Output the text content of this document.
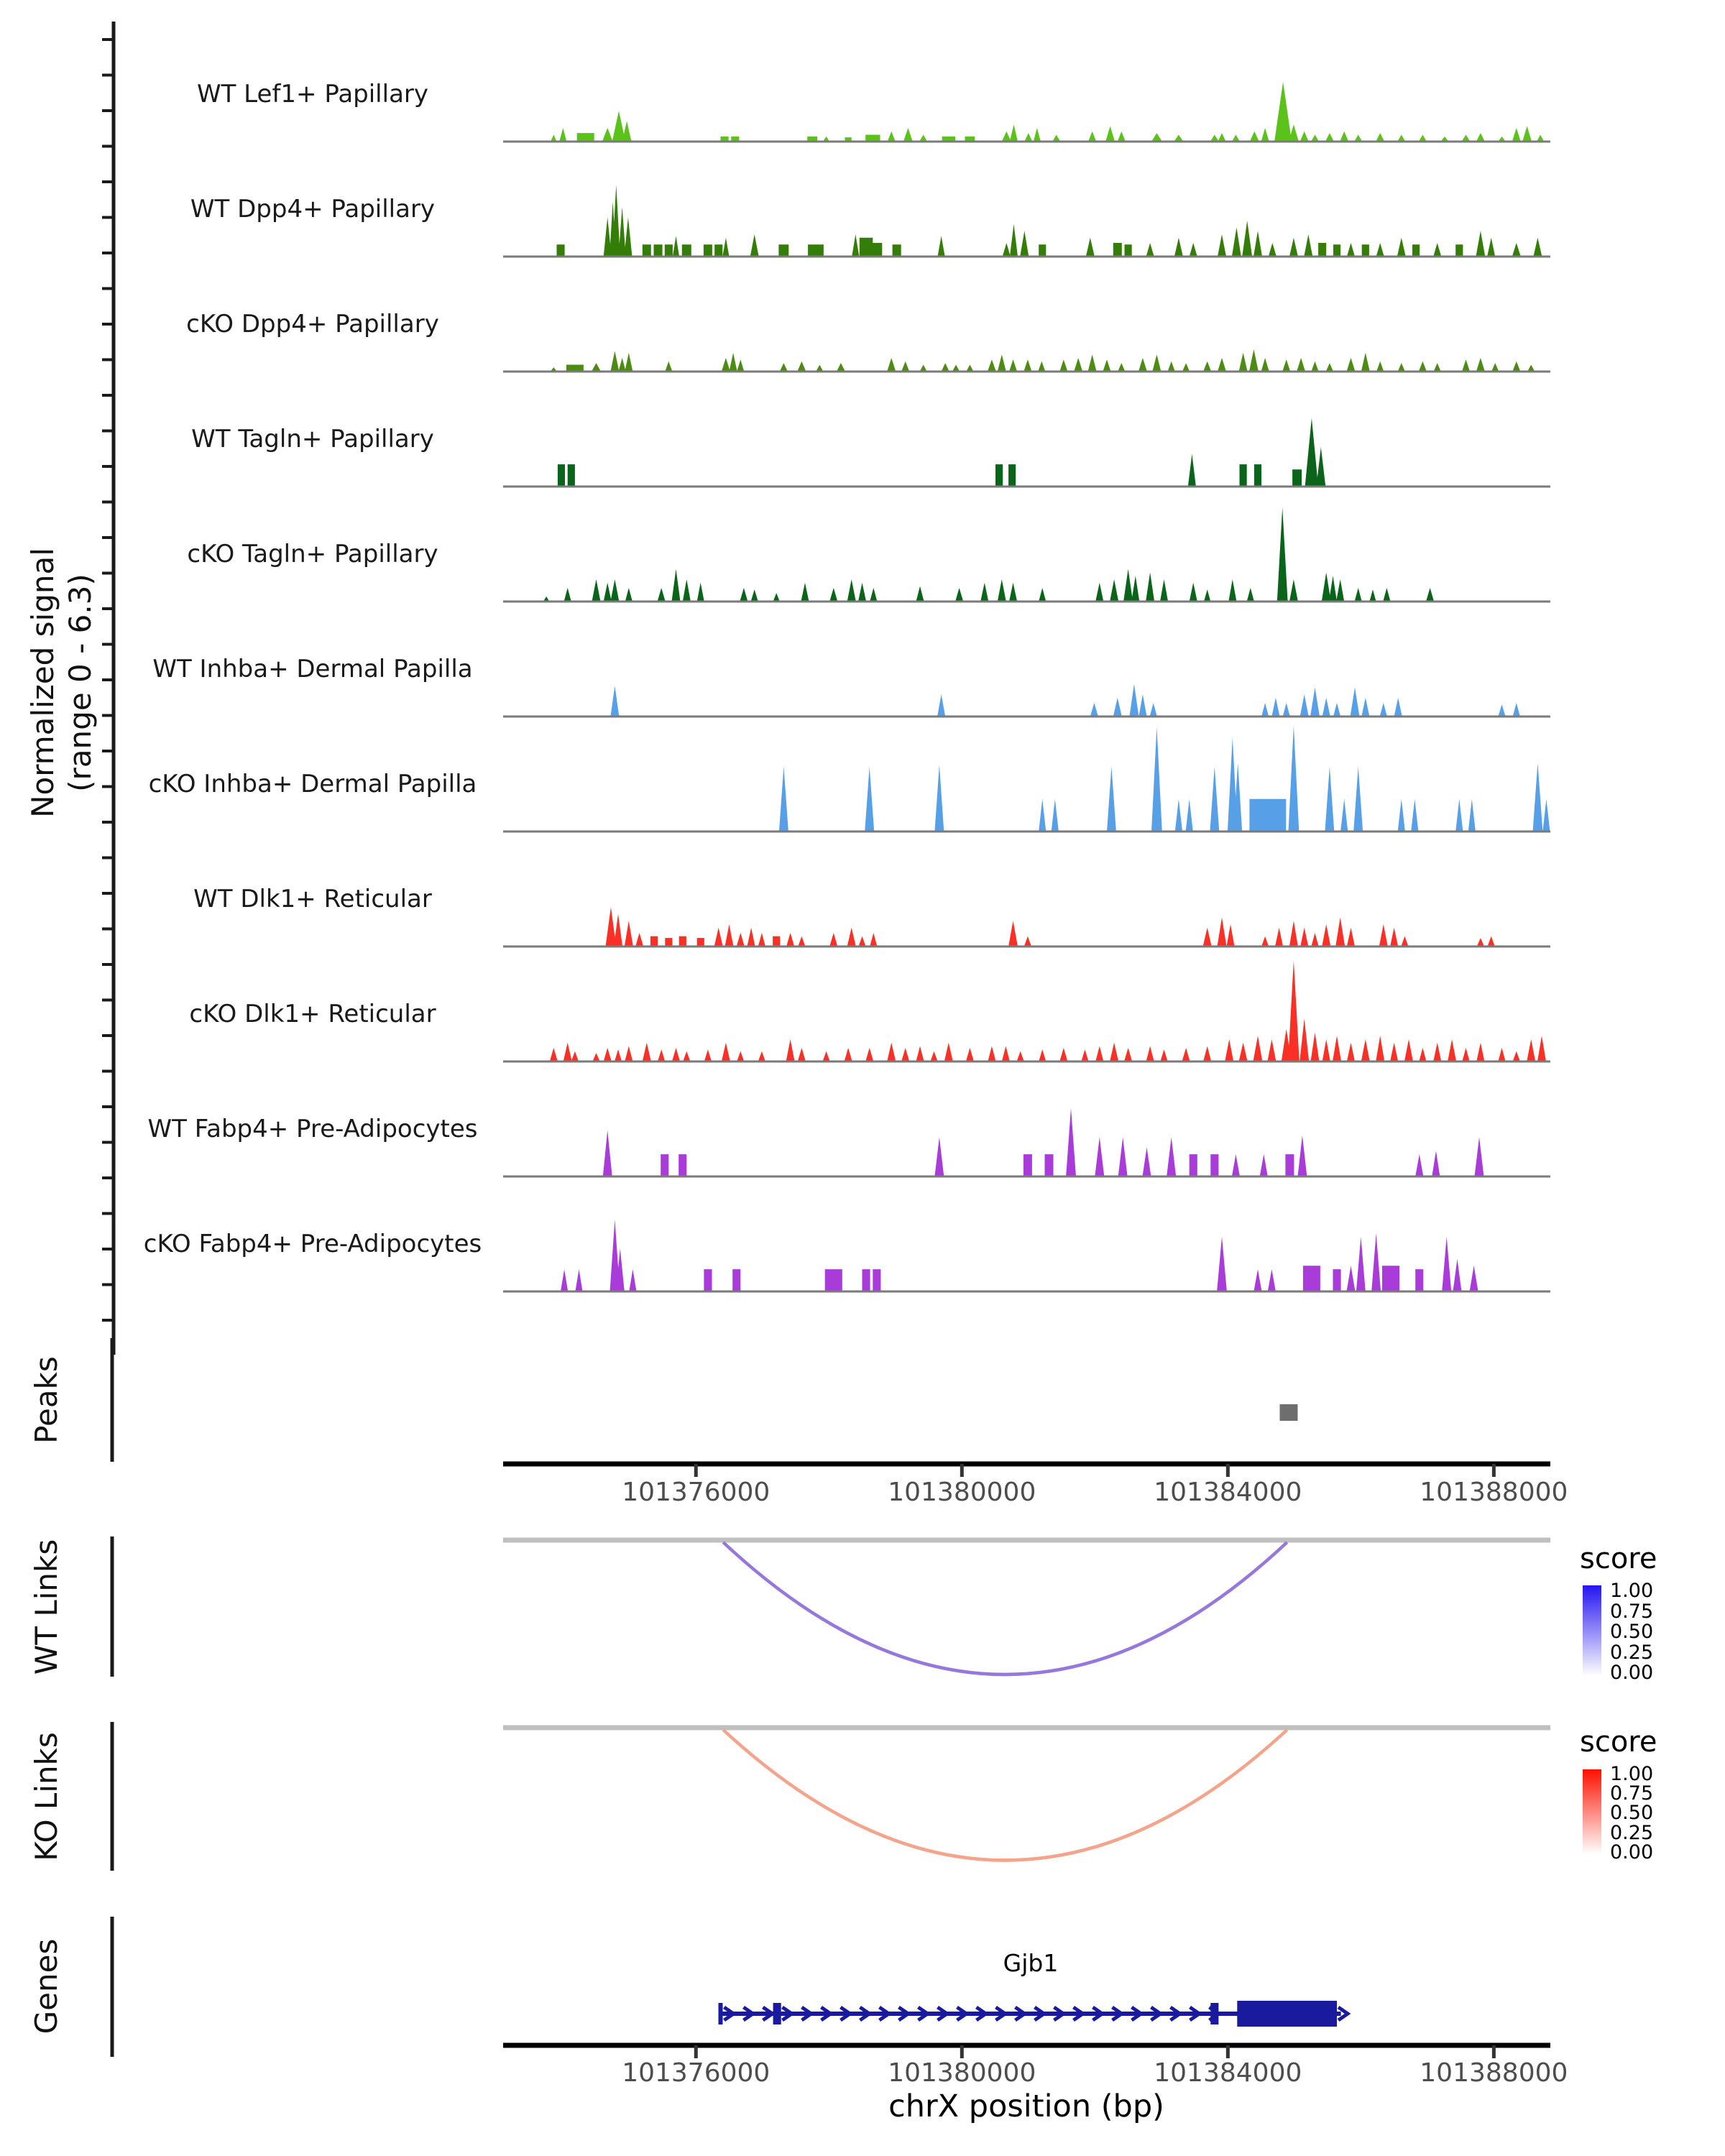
Normalized signal (range 0 - 6.3)
Peaks
WT Links
KO Links
Genes
score
1.00
0.75
0.50
0.25
0.00
score
1.00
0.75
0.50
0.25
0.00
Gjb1
chrX position (bp)
WT Lef1+ Papillary
WT Dpp4+ Papillary
cKO Dpp4+ Papillary
WT Tagln+ Papillary
cKO Tagln+ Papillary
WT Inhba+ Dermal Papilla
cKO Inhba+ Dermal Papilla
WT Dlk1+ Reticular
cKO Dlk1+ Reticular
WT Fabp4+ Pre-Adipocytes
cKO Fabp4+ Pre-Adipocytes
101376000	101380000	101384000	101388000
101376000	101380000	101384000	101388000
